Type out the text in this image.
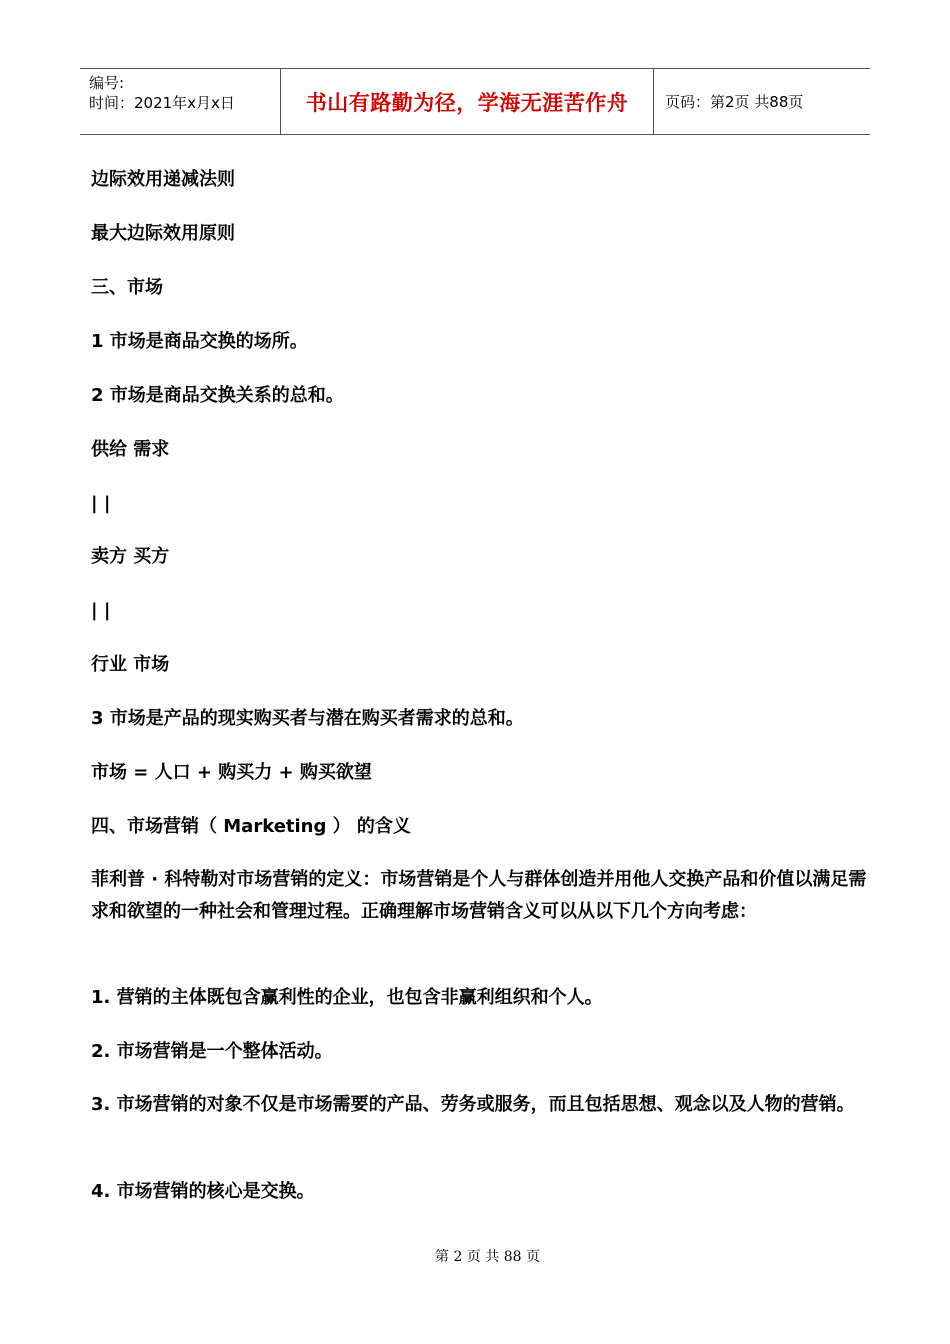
编号:
时间：2021年x月x日	书山有路勤为径，学海无涯苦作舟	页码：第2页 共88页
边际效用递减法则
最大边际效用原则
三、市场
1 市场是商品交换的场所。
2 市场是商品交换关系的总和。
供给 需求
| |
卖方 买方
| |
行业 市场
3 市场是产品的现实购买者与潜在购买者需求的总和。
市场 = 人口 + 购买力 + 购买欲望
四、市场营销（ Marketing ） 的含义
菲利普 · 科特勒对市场营销的定义：市场营销是个人与群体创造并用他人交换产品和价值以满足需求和欲望的一种社会和管理过程。正确理解市场营销含义可以从以下几个方向考虑：
1. 营销的主体既包含赢利性的企业，也包含非赢利组织和个人。
2. 市场营销是一个整体活动。
3. 市场营销的对象不仅是市场需要的产品、劳务或服务，而且包括思想、观念以及人物的营销。
4. 市场营销的核心是交换。
第 2 页 共 88 页
